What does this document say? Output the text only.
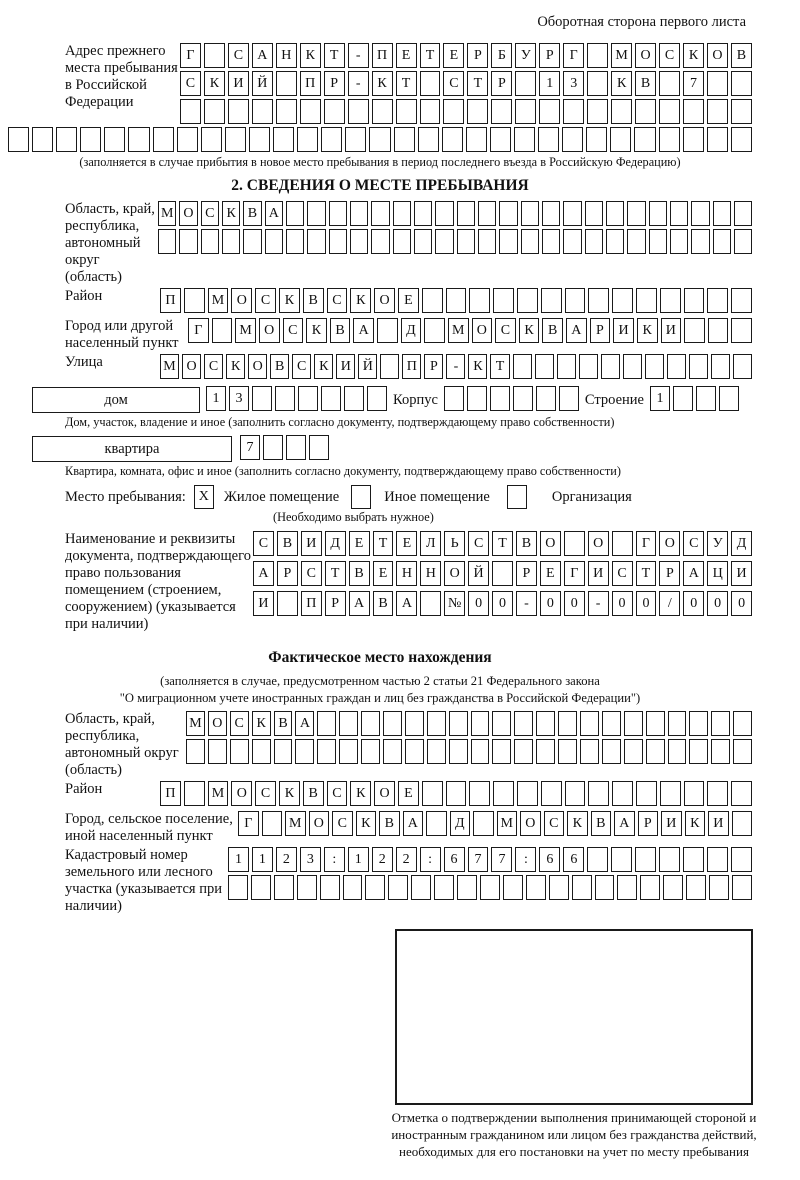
Оборотная сторона первого листа
Адрес прежнего места пребывания в Российской Федерации
Г	С	А Н	К	Т	-	П	Е	Т	Е	Р	Б	У	Р	Г	М О	С	К	О	В
С	К	И Й	П	Р	-	К	Т	С	Т	Р	1	3	К	В	7
(заполняется в случае прибытия в новое место пребывания в период последнего въезда в Российскую Федерацию)
2. СВЕДЕНИЯ О МЕСТЕ ПРЕБЫВАНИЯ
Область, край, республика, автономный округ (область)
М О С К В А
Район	П	М О	С	К	В	С	К	О	Е
Город или другой населенный пункт
Г	М О С	К	В А	Д	М О С	К	В А	Р	И К И
Улица	М О С К О В С К И Й	П Р	-	К Т
дом	1	3	Корпус	Строение 1
Дом, участок, владение и иное (заполнить согласно документу, подтверждающему право собственности)
квартира	7
Квартира, комната, офис и иное (заполнить согласно документу, подтверждающему право собственности)
Место пребывания: X	Жилое помещение	Иное помещение	Организация
(Необходимо выбрать нужное)
Наименование и реквизиты документа, подтверждающего право пользования помещением (строением, сооружением) (указывается при наличии)
С	В	И	Д	Е	Т	Е	Л	Ь	С	Т	В	О	О	Г	О	С	У	Д
А	Р	С	Т	В	Е	Н Н О Й	Р	Е	Г	И	С	Т	Р	А Ц И
И	П	Р	А	В	А	№ 0	0	-	0	0	-	0	0	/	0	0	0
Фактическое место нахождения
(заполняется в случае, предусмотренном частью 2 статьи 21 Федерального закона
"О миграционном учете иностранных граждан и лиц без гражданства в Российской Федерации")
Область, край, республика, автономный округ (область)
М О С К В А
Район	П	М О	С	К	В	С	К	О	Е
Город, сельское поселение, иной населенный пункт
Г	М О С	К	В А	Д	М О С	К	В А	Р	И К И
Кадастровый номер земельного или лесного участка (указывается при наличии)
1	1	2	3	:	1	2	2	:	6	7	7	:	6	6
Отметка о подтверждении выполнения принимающей стороной и иностранным гражданином или лицом без гражданства действий, необходимых для его постановки на учет по месту пребывания
